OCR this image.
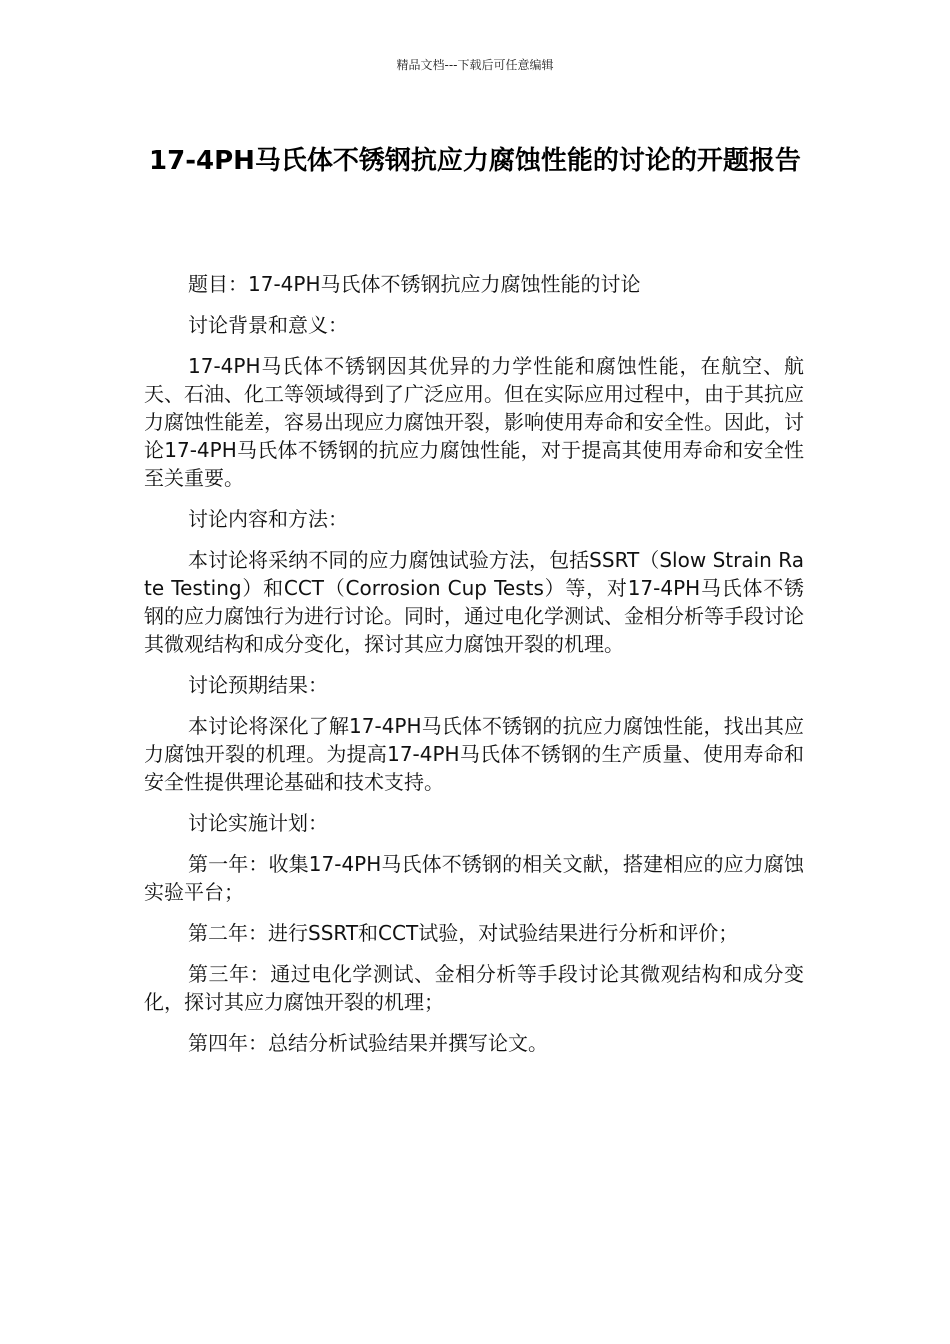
精品文档---下载后可任意编辑
17-4PH马氏体不锈钢抗应力腐蚀性能的讨论的开题报告

题目：17-4PH马氏体不锈钢抗应力腐蚀性能的讨论

讨论背景和意义：

17-4PH马氏体不锈钢因其优异的力学性能和腐蚀性能，在航空、航天、石油、化工等领域得到了广泛应用。但在实际应用过程中，由于其抗应力腐蚀性能差，容易出现应力腐蚀开裂，影响使用寿命和安全性。因此，讨论17-4PH马氏体不锈钢的抗应力腐蚀性能，对于提高其使用寿命和安全性至关重要。

讨论内容和方法：

本讨论将采纳不同的应力腐蚀试验方法，包括SSRT（Slow Strain Rate Testing）和CCT（Corrosion Cup Tests）等，对17-4PH马氏体不锈钢的应力腐蚀行为进行讨论。同时，通过电化学测试、金相分析等手段讨论其微观结构和成分变化，探讨其应力腐蚀开裂的机理。

讨论预期结果：

本讨论将深化了解17-4PH马氏体不锈钢的抗应力腐蚀性能，找出其应力腐蚀开裂的机理。为提高17-4PH马氏体不锈钢的生产质量、使用寿命和安全性提供理论基础和技术支持。

讨论实施计划：

第一年：收集17-4PH马氏体不锈钢的相关文献，搭建相应的应力腐蚀实验平台；

第二年：进行SSRT和CCT试验，对试验结果进行分析和评价；

第三年：通过电化学测试、金相分析等手段讨论其微观结构和成分变化，探讨其应力腐蚀开裂的机理；

第四年：总结分析试验结果并撰写论文。
